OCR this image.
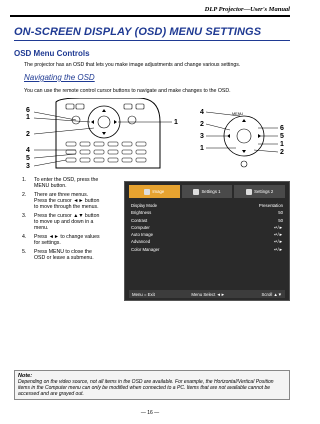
DLP Projector—User's Manual
ON-SCREEN DISPLAY (OSD) MENU SETTINGS
OSD Menu Controls
The projector has an OSD that lets you make image adjustments and change various settings.
Navigating the OSD
You can use the remote control cursor buttons to navigate and make changes to the OSD.
6
1
2
4
5
3
1
MENU
4
2
3
1
6
5
1
2
1. To enter the OSD, press the MENU button.
2. There are three menus. Press the cursor ◄► button to move through the menus.
3. Press the cursor ▲▼ button to move up and down in a menu.
4. Press ◄► to change values for settings.
5. Press MENU to close the OSD or leave a submenu.
Image	Settings 1	Settings 2
Display Mode	Presentation
Brightness	50
Contrast	50
Computer	↵/►
Auto Image	↵/►
Advanced	↵/►
Color Manager	↵/►
Menu = Exit	Menu Select ◄►	Scroll ▲▼
Note:
Depending on the video source, not all items in the OSD are available. For example, the Horizontal/Vertical Position items in the Computer menu can only be modified when connected to a PC. Items that are not available cannot be accessed and are grayed out.
— 16 —
